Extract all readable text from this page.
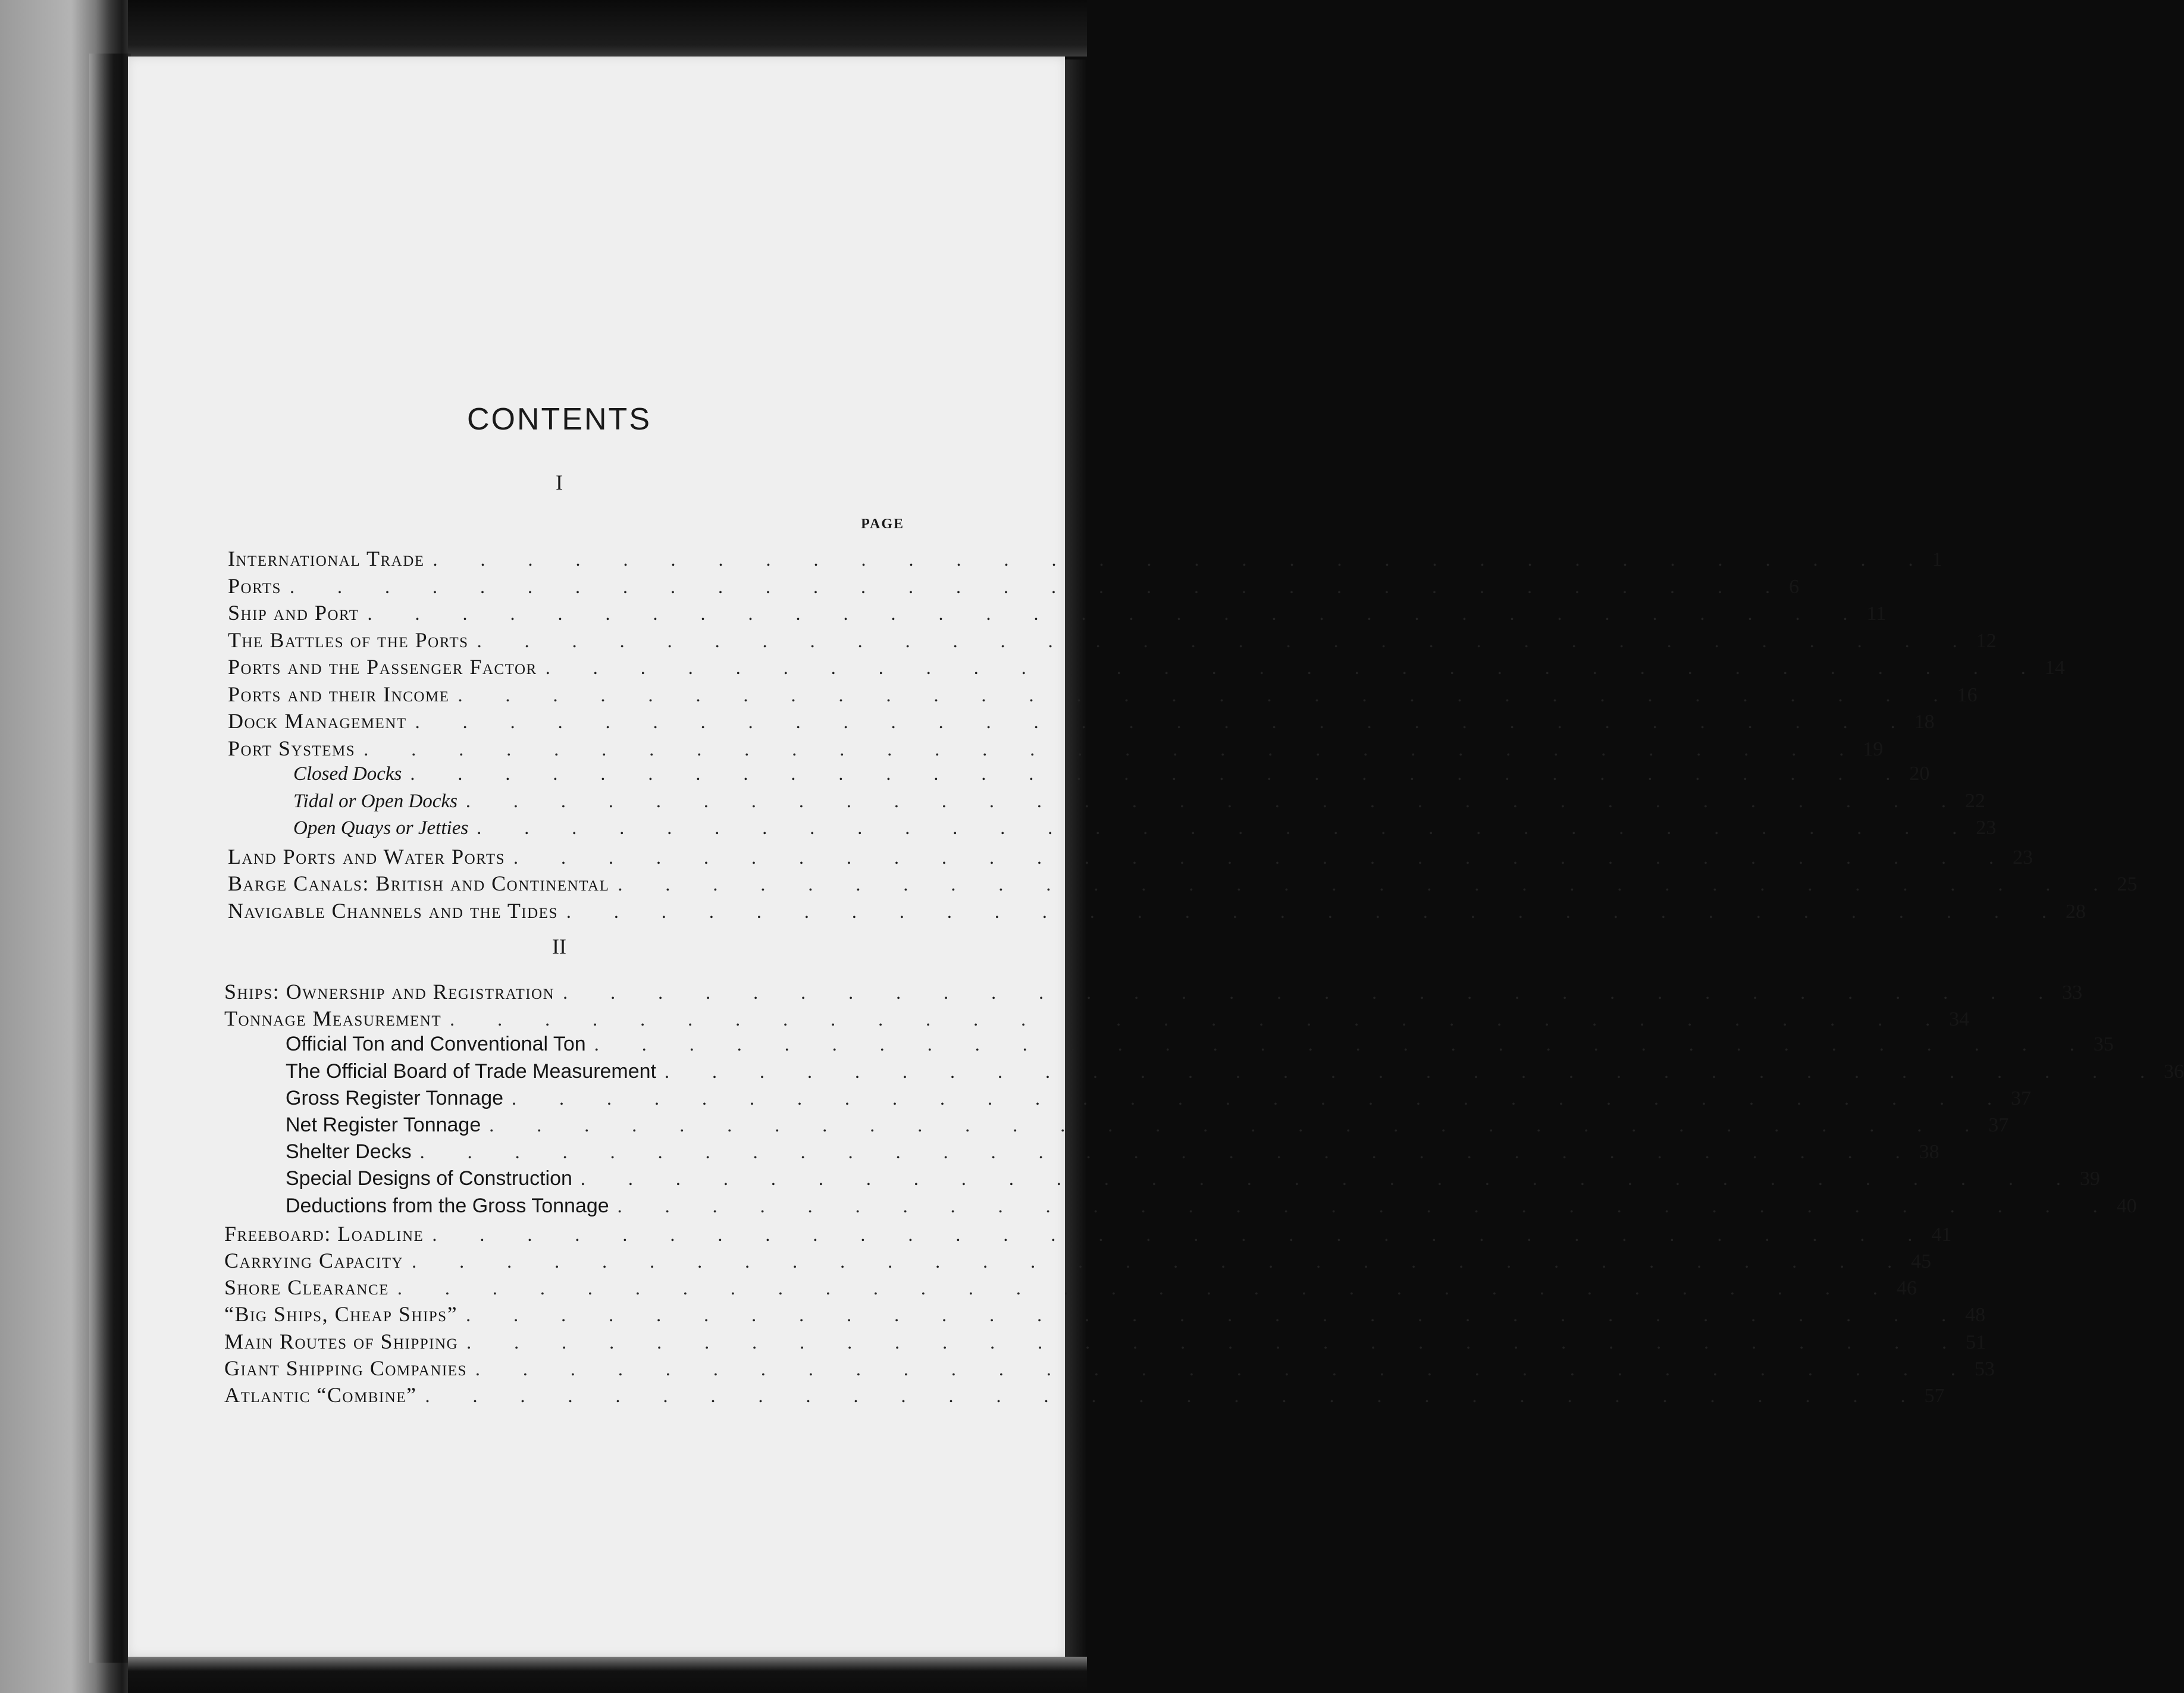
CONTENTS
I
PAGE
II
International Trade . . . . . . . . . . . . . . . . . . . . . . . . . . . . . . . . 1
Ports . . . . . . . . . . . . . . . . . . . . . . . . . . . . . . . . 6
Ship and Port . . . . . . . . . . . . . . . . . . . . . . . . . . . . . . . . 11
The Battles of the Ports . . . . . . . . . . . . . . . . . . . . . . . . . . . . . . . . 12
Ports and the Passenger Factor . . . . . . . . . . . . . . . . . . . . . . . . . . . . . . . . 14
Ports and their Income . . . . . . . . . . . . . . . . . . . . . . . . . . . . . . . . 16
Dock Management . . . . . . . . . . . . . . . . . . . . . . . . . . . . . . . . 18
Port Systems . . . . . . . . . . . . . . . . . . . . . . . . . . . . . . . . 19
Closed Docks . . . . . . . . . . . . . . . . . . . . . . . . . . . . . . . . 20
Tidal or Open Docks . . . . . . . . . . . . . . . . . . . . . . . . . . . . . . . . 22
Open Quays or Jetties . . . . . . . . . . . . . . . . . . . . . . . . . . . . . . . . 23
Land Ports and Water Ports . . . . . . . . . . . . . . . . . . . . . . . . . . . . . . . . 23
Barge Canals: British and Continental . . . . . . . . . . . . . . . . . . . . . . . . . . . . . . . . 25
Navigable Channels and the Tides . . . . . . . . . . . . . . . . . . . . . . . . . . . . . . . . 28
Ships: Ownership and Registration . . . . . . . . . . . . . . . . . . . . . . . . . . . . . . . . 33
Tonnage Measurement . . . . . . . . . . . . . . . . . . . . . . . . . . . . . . . . 34
Official Ton and Conventional Ton . . . . . . . . . . . . . . . . . . . . . . . . . . . . . . . . 35
The Official Board of Trade Measurement . . . . . . . . . . . . . . . . . . . . . . . . . . . . . . . . 36
Gross Register Tonnage . . . . . . . . . . . . . . . . . . . . . . . . . . . . . . . . 37
Net Register Tonnage . . . . . . . . . . . . . . . . . . . . . . . . . . . . . . . . 37
Shelter Decks . . . . . . . . . . . . . . . . . . . . . . . . . . . . . . . . 38
Special Designs of Construction . . . . . . . . . . . . . . . . . . . . . . . . . . . . . . . . 39
Deductions from the Gross Tonnage . . . . . . . . . . . . . . . . . . . . . . . . . . . . . . . . 40
Freeboard: Loadline . . . . . . . . . . . . . . . . . . . . . . . . . . . . . . . . 41
Carrying Capacity . . . . . . . . . . . . . . . . . . . . . . . . . . . . . . . . 45
Shore Clearance . . . . . . . . . . . . . . . . . . . . . . . . . . . . . . . . 46
“Big Ships, Cheap Ships” . . . . . . . . . . . . . . . . . . . . . . . . . . . . . . . . 48
Main Routes of Shipping . . . . . . . . . . . . . . . . . . . . . . . . . . . . . . . . 51
Giant Shipping Companies . . . . . . . . . . . . . . . . . . . . . . . . . . . . . . . . 53
Atlantic “Combine” . . . . . . . . . . . . . . . . . . . . . . . . . . . . . . . . 57
